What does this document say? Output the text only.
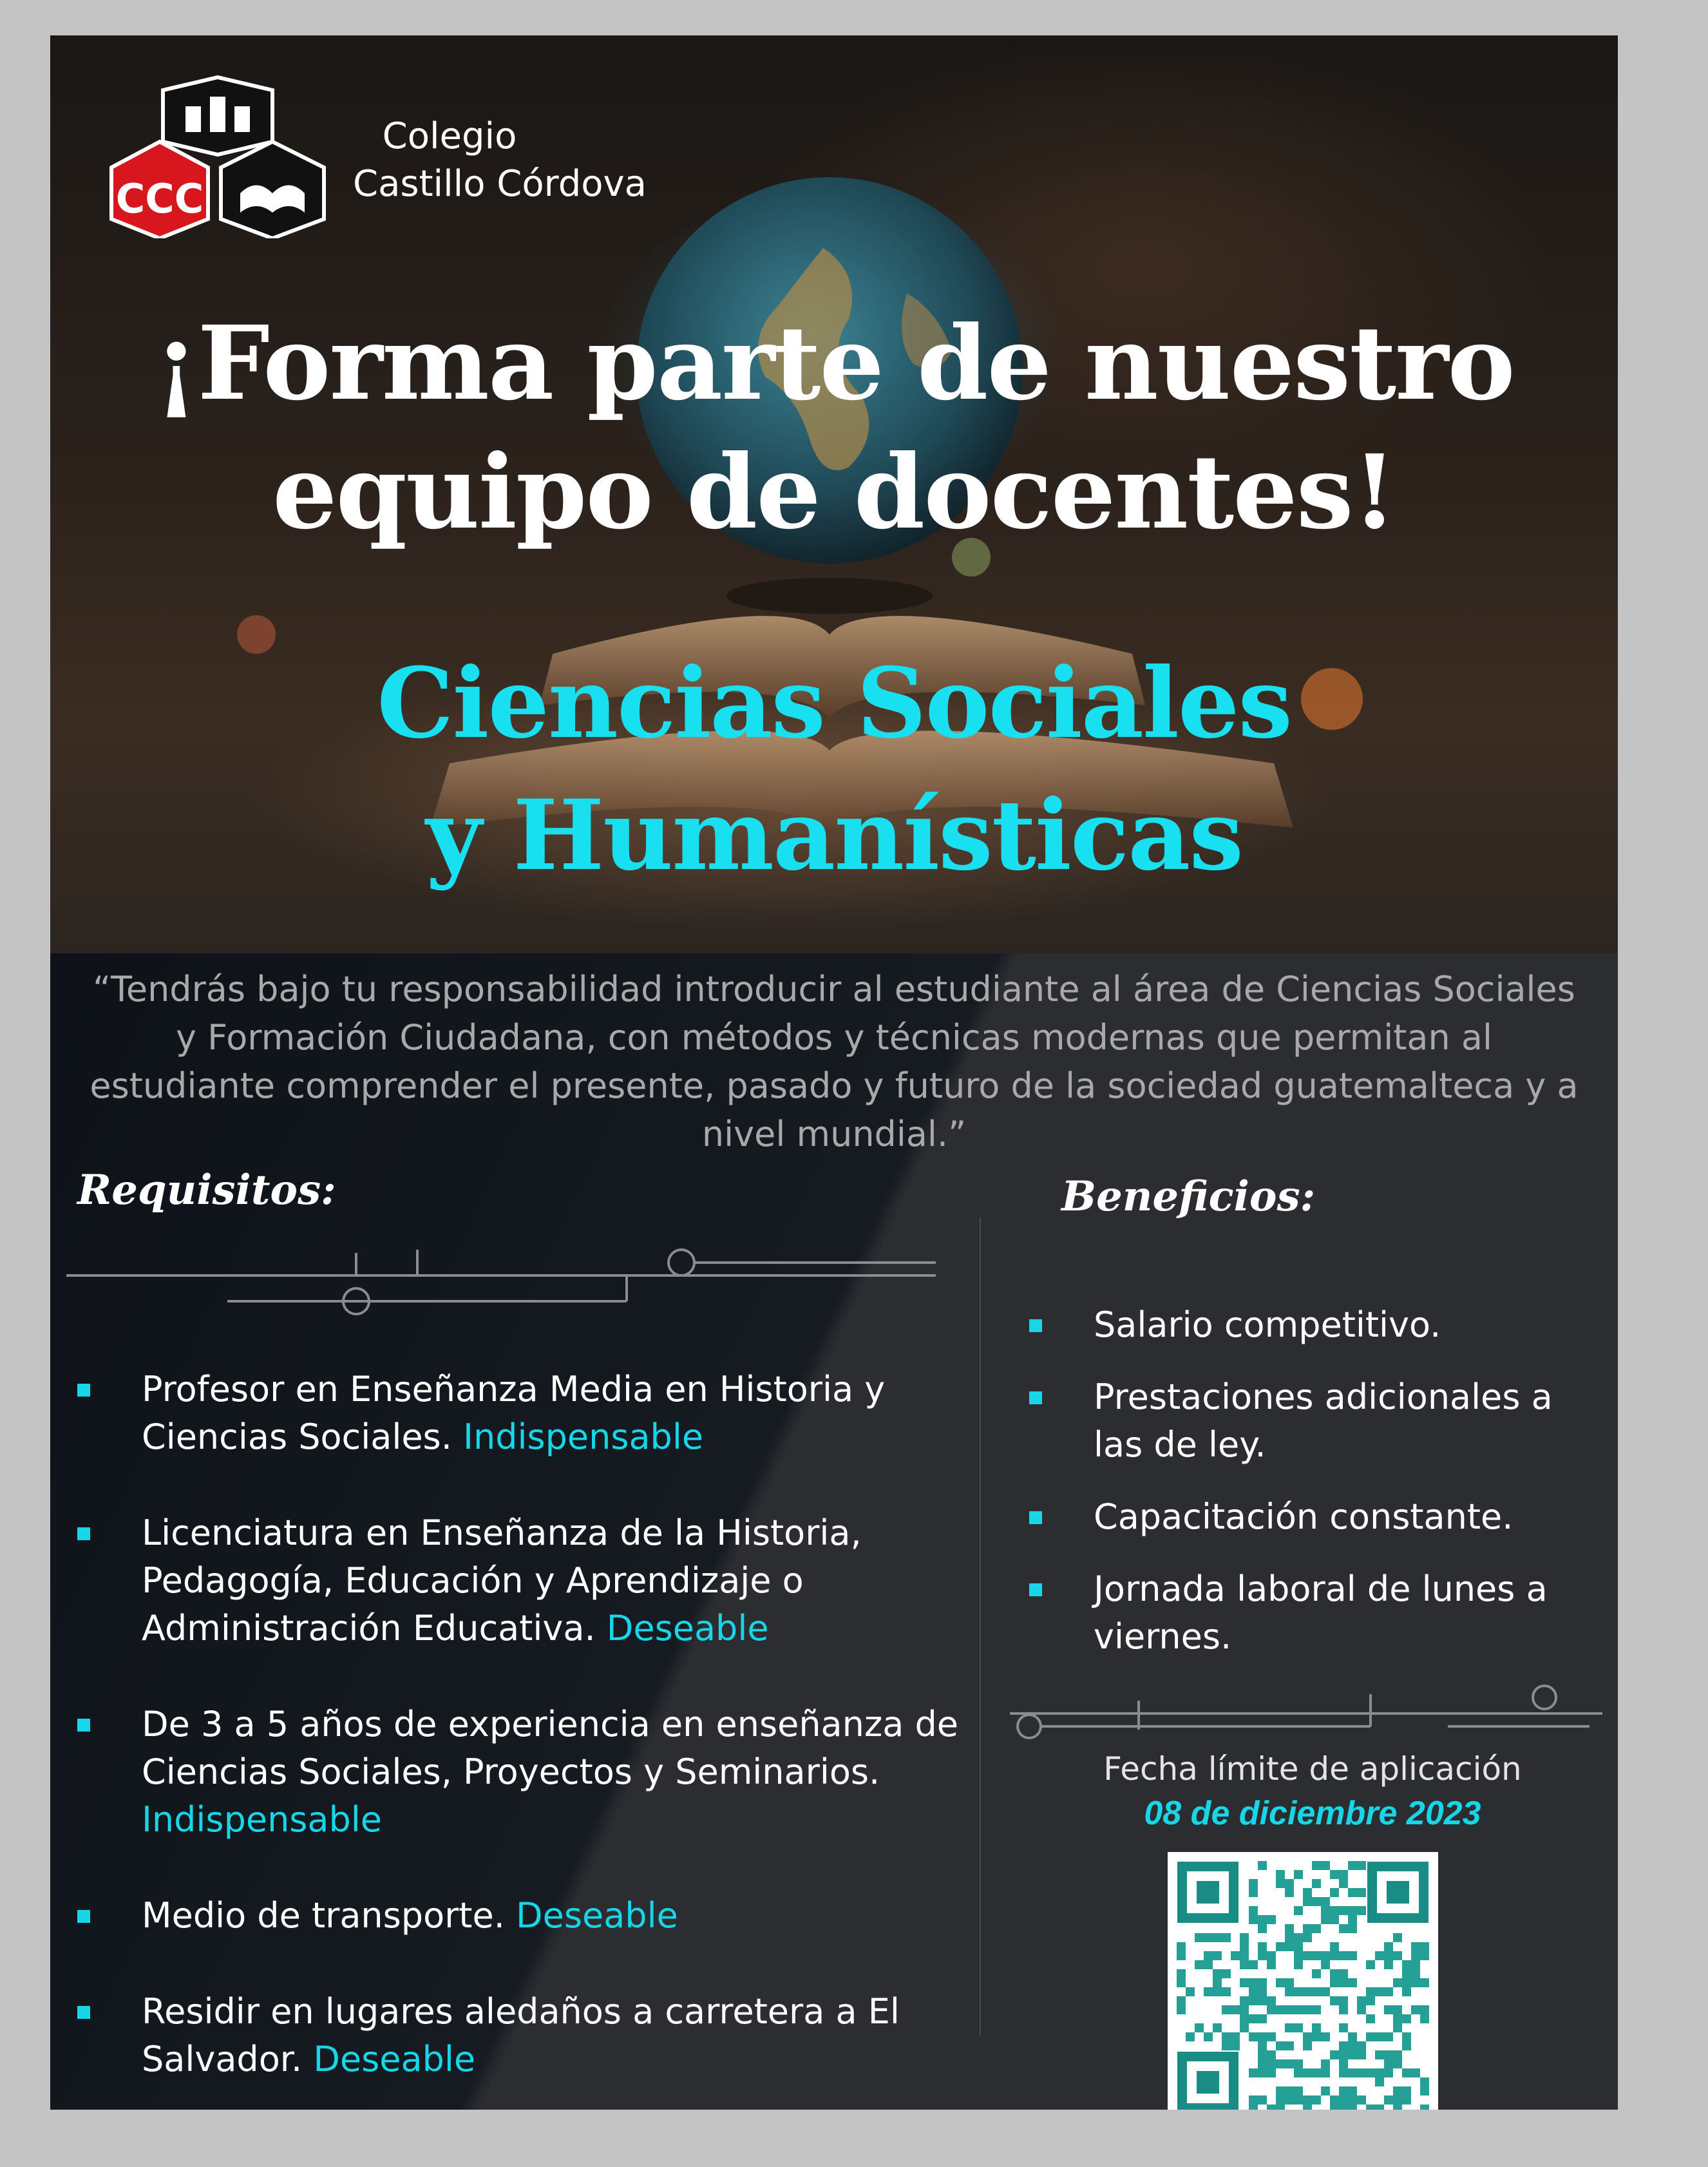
CCC
Colegio
Castillo Córdova
¡Forma parte de nuestro
equipo de docentes!
Ciencias Sociales
y Humanísticas
“Tendrás bajo tu responsabilidad introducir al estudiante al área de Ciencias Sociales y Formación Ciudadana, con métodos y técnicas modernas que permitan al estudiante comprender el presente, pasado y futuro de la sociedad guatemalteca y a nivel mundial.”
Requisitos:
Profesor en Enseñanza Media en Historia y Ciencias Sociales. Indispensable
Licenciatura en Enseñanza de la Historia, Pedagogía, Educación y Aprendizaje o Administración Educativa. Deseable
De 3 a 5 años de experiencia en enseñanza de Ciencias Sociales, Proyectos y Seminarios. Indispensable
Medio de transporte. Deseable
Residir en lugares aledaños a carretera a El Salvador. Deseable
Beneficios:
Salario competitivo.
Prestaciones adicionales a las de ley.
Capacitación constante.
Jornada laboral de lunes a viernes.
Fecha límite de aplicación
08 de diciembre 2023
